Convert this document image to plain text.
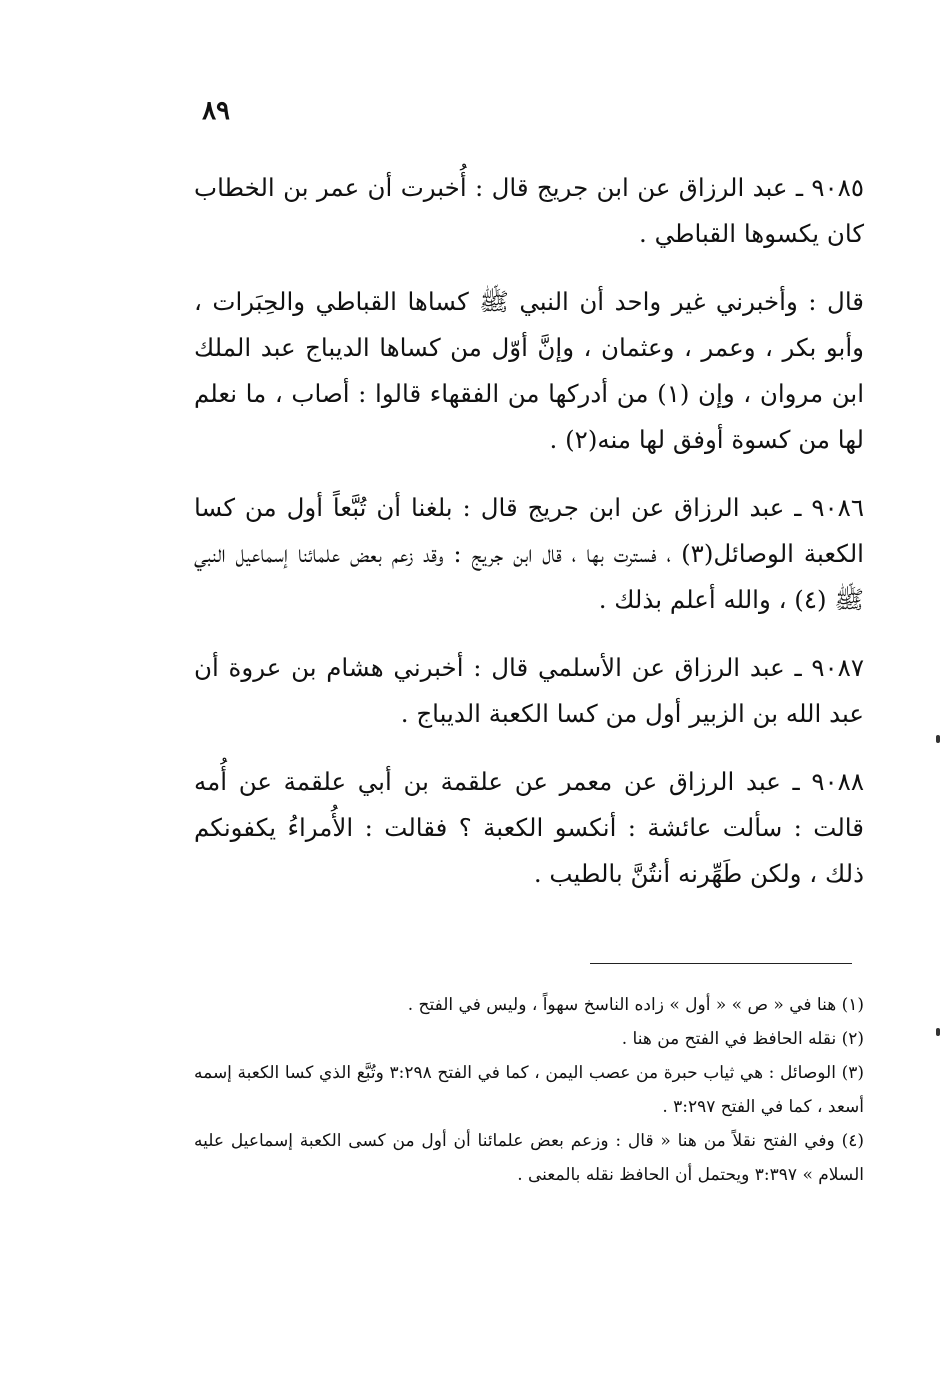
٨٩

٩٠٨٥ ـ عبد الرزاق عن ابن جريج قال : أُخبرت أن عمر بن الخطاب كان يكسوها القباطي .

قال : وأخبرني غير واحد أن النبي ﷺ كساها القباطي والحِبَرات ، وأبو بكر ، وعمر ، وعثمان ، وإنَّ أوّل من كساها الديباج عبد الملك ابن مروان ، وإن (١) من أدركها من الفقهاء قالوا : أصاب ، ما نعلم لها من كسوة أوفق لها منه(٢) .

٩٠٨٦ ـ عبد الرزاق عن ابن جريج قال : بلغنا أن تُبَّعاً أول من كسا الكعبة الوصائل(٣) ، فسترت بها ، قال ابن جريج : وقد زعم بعض علمائنا إسماعيل النبي ﷺ (٤) ، والله أعلم بذلك .

٩٠٨٧ ـ عبد الرزاق عن الأسلمي قال : أخبرني هشام بن عروة أن عبد الله بن الزبير أول من كسا الكعبة الديباج .

٩٠٨٨ ـ عبد الرزاق عن معمر عن علقمة بن أبي علقمة عن أُمه قالت : سألت عائشة : أنكسو الكعبة ؟ فقالت : الأُمراءُ يكفونكم ذلك ، ولكن طَهِّرنه أنتُنَّ بالطيب .

(١) هنا في « ص » « أول » زاده الناسخ سهواً ، وليس في الفتح .

(٢) نقله الحافظ في الفتح من هنا .

(٣) الوصائل : هي ثياب حبرة من عصب اليمن ، كما في الفتح ٣:٢٩٨ وتُبَّع الذي كسا الكعبة إسمه أسعد ، كما في الفتح ٣:٢٩٧ .

(٤) وفي الفتح نقلاً من هنا « قال : وزعم بعض علمائنا أن أول من كسى الكعبة إسماعيل عليه السلام » ٣:٣٩٧ ويحتمل أن الحافظ نقله بالمعنى .
